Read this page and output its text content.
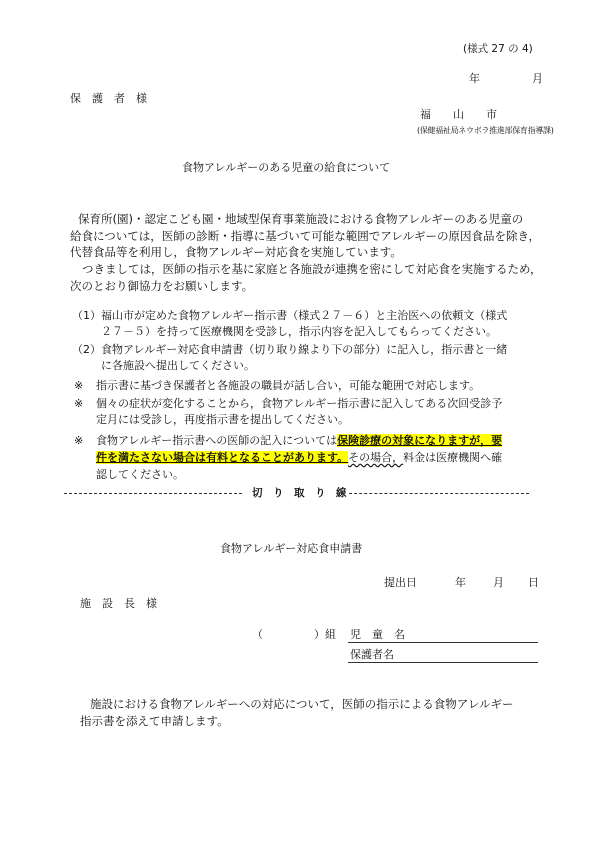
(様式 27 の 4)
年	月
保　護　者　様
福　　山　　市
(保健福祉局ネウボラ推進部保育指導課)
食物アレルギーのある児童の給食について
保育所(園)・認定こども園・地域型保育事業施設における食物アレルギーのある児童の
給食については，医師の診断・指導に基づいて可能な範囲でアレルギーの原因食品を除き，
代替食品等を利用し，食物アレルギー対応食を実施しています。
つきましては，医師の指示を基に家庭と各施設が連携を密にして対応食を実施するため，
次のとおり御協力をお願いします。
（1）福山市が定めた食物アレルギー指示書（様式２７－６）と主治医への依頼文（様式
２７－５）を持って医療機関を受診し，指示内容を記入してもらってください。
（2）食物アレルギー対応食申請書（切り取り線より下の部分）に記入し，指示書と一緒
に各施設へ提出してください。
※ 指示書に基づき保護者と各施設の職員が話し合い，可能な範囲で対応します。
※ 個々の症状が変化することから，食物アレルギー指示書に記入してある次回受診予
定月には受診し，再度指示書を提出してください。
※ 食物アレルギー指示書への医師の記入については保険診療の対象になりますが，要
件を満たさない場合は有料となることがあります。その場合，料金は医療機関へ確
認してください。
切　り　取　り　線
食物アレルギー対応食申請書
提出日	年 月 日
施　設　長　様
（	）組 児　童　名
保護者名
施設における食物アレルギーへの対応について，医師の指示による食物アレルギー
指示書を添えて申請します。
